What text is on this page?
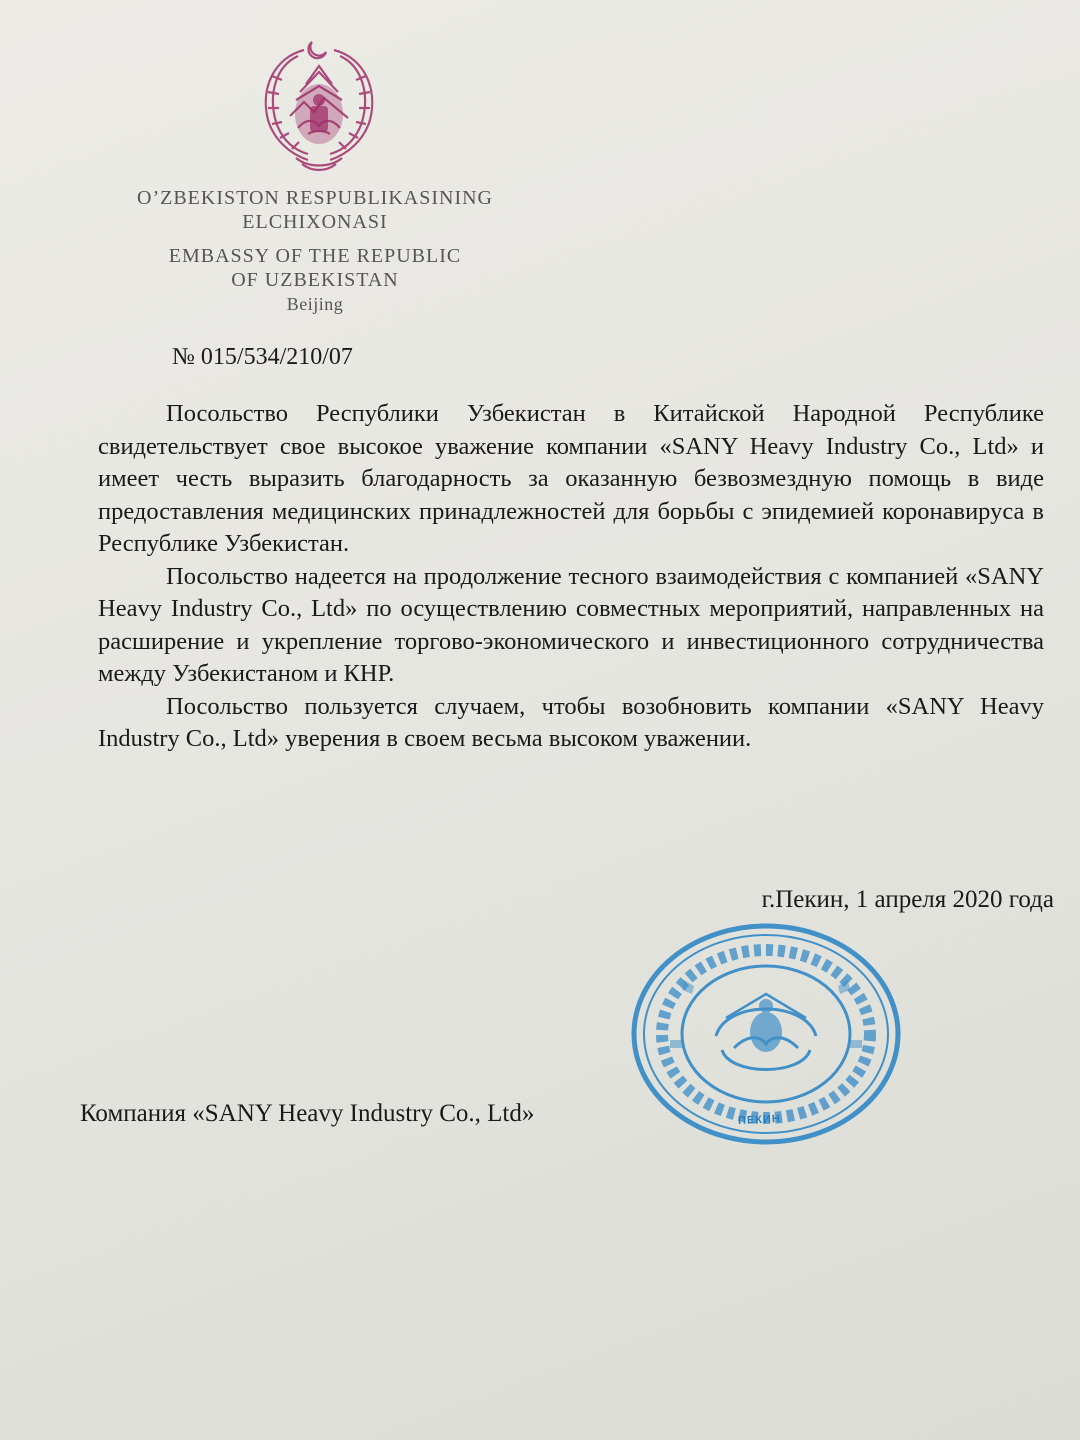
O’ZBEKISTON RESPUBLIKASINING
ELCHIXONASI
EMBASSY OF THE REPUBLIC
OF UZBEKISTAN
Beijing
№ 015/534/210/07

Посольство Республики Узбекистан в Китайской Народной Республике свидетельствует свое высокое уважение компании «SANY Heavy Industry Co., Ltd» и имеет честь выразить благодарность за оказанную безвозмездную помощь в виде предоставления медицинских принадлежностей для борьбы с эпидемией коронавируса в Республике Узбекистан.

Посольство надеется на продолжение тесного взаимодействия с компанией «SANY Heavy Industry Co., Ltd» по осуществлению совместных мероприятий, направленных на расширение и укрепление торгово-экономического и инвестиционного сотрудничества между Узбекистаном и КНР.

Посольство пользуется случаем, чтобы возобновить компании «SANY Heavy Industry Co., Ltd» уверения в своем весьма высоком уважении.

г.Пекин, 1 апреля 2020 года
ПЕКИН
Компания «SANY Heavy Industry Co., Ltd»
